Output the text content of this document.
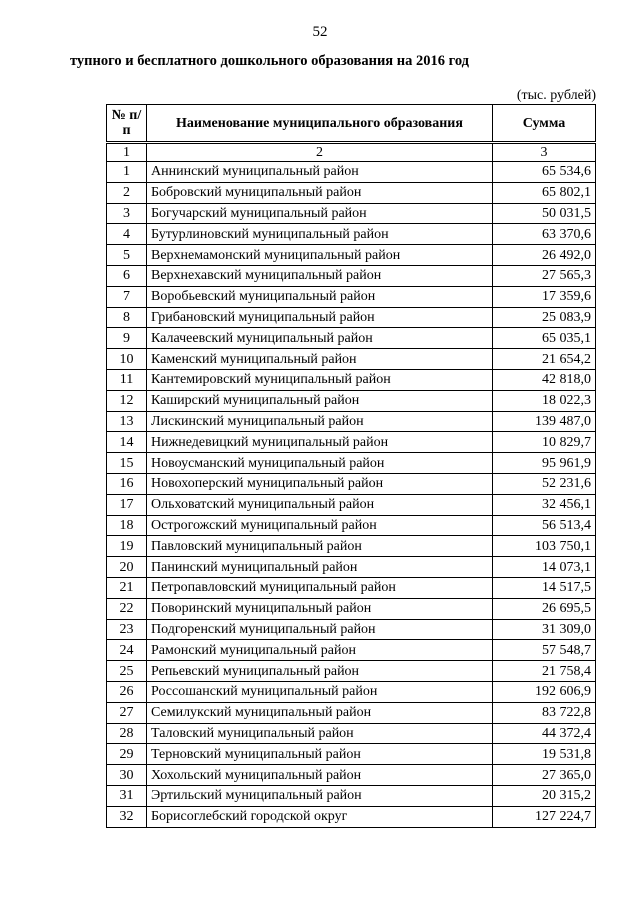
52
тупного и бесплатного дошкольного образования на 2016 год
(тыс. рублей)
№ п/п	Наименование муниципального образования	Сумма
1	2	3
1	Аннинский муниципальный район	65 534,6
2	Бобровский муниципальный район	65 802,1
3	Богучарский муниципальный район	50 031,5
4	Бутурлиновский муниципальный район	63 370,6
5	Верхнемамонский муниципальный район	26 492,0
6	Верхнехавский муниципальный район	27 565,3
7	Воробьевский муниципальный район	17 359,6
8	Грибановский муниципальный район	25 083,9
9	Калачеевский муниципальный район	65 035,1
10	Каменский муниципальный район	21 654,2
11	Кантемировский муниципальный район	42 818,0
12	Каширский муниципальный район	18 022,3
13	Лискинский муниципальный район	139 487,0
14	Нижнедевицкий муниципальный район	10 829,7
15	Новоусманский муниципальный район	95 961,9
16	Новохоперский муниципальный район	52 231,6
17	Ольховатский муниципальный район	32 456,1
18	Острогожский муниципальный район	56 513,4
19	Павловский муниципальный район	103 750,1
20	Панинский муниципальный район	14 073,1
21	Петропавловский муниципальный район	14 517,5
22	Поворинский муниципальный район	26 695,5
23	Подгоренский муниципальный район	31 309,0
24	Рамонский муниципальный район	57 548,7
25	Репьевский муниципальный район	21 758,4
26	Россошанский муниципальный район	192 606,9
27	Семилукский муниципальный район	83 722,8
28	Таловский муниципальный район	44 372,4
29	Терновский муниципальный район	19 531,8
30	Хохольский муниципальный район	27 365,0
31	Эртильский муниципальный район	20 315,2
32	Борисоглебский городской округ	127 224,7
